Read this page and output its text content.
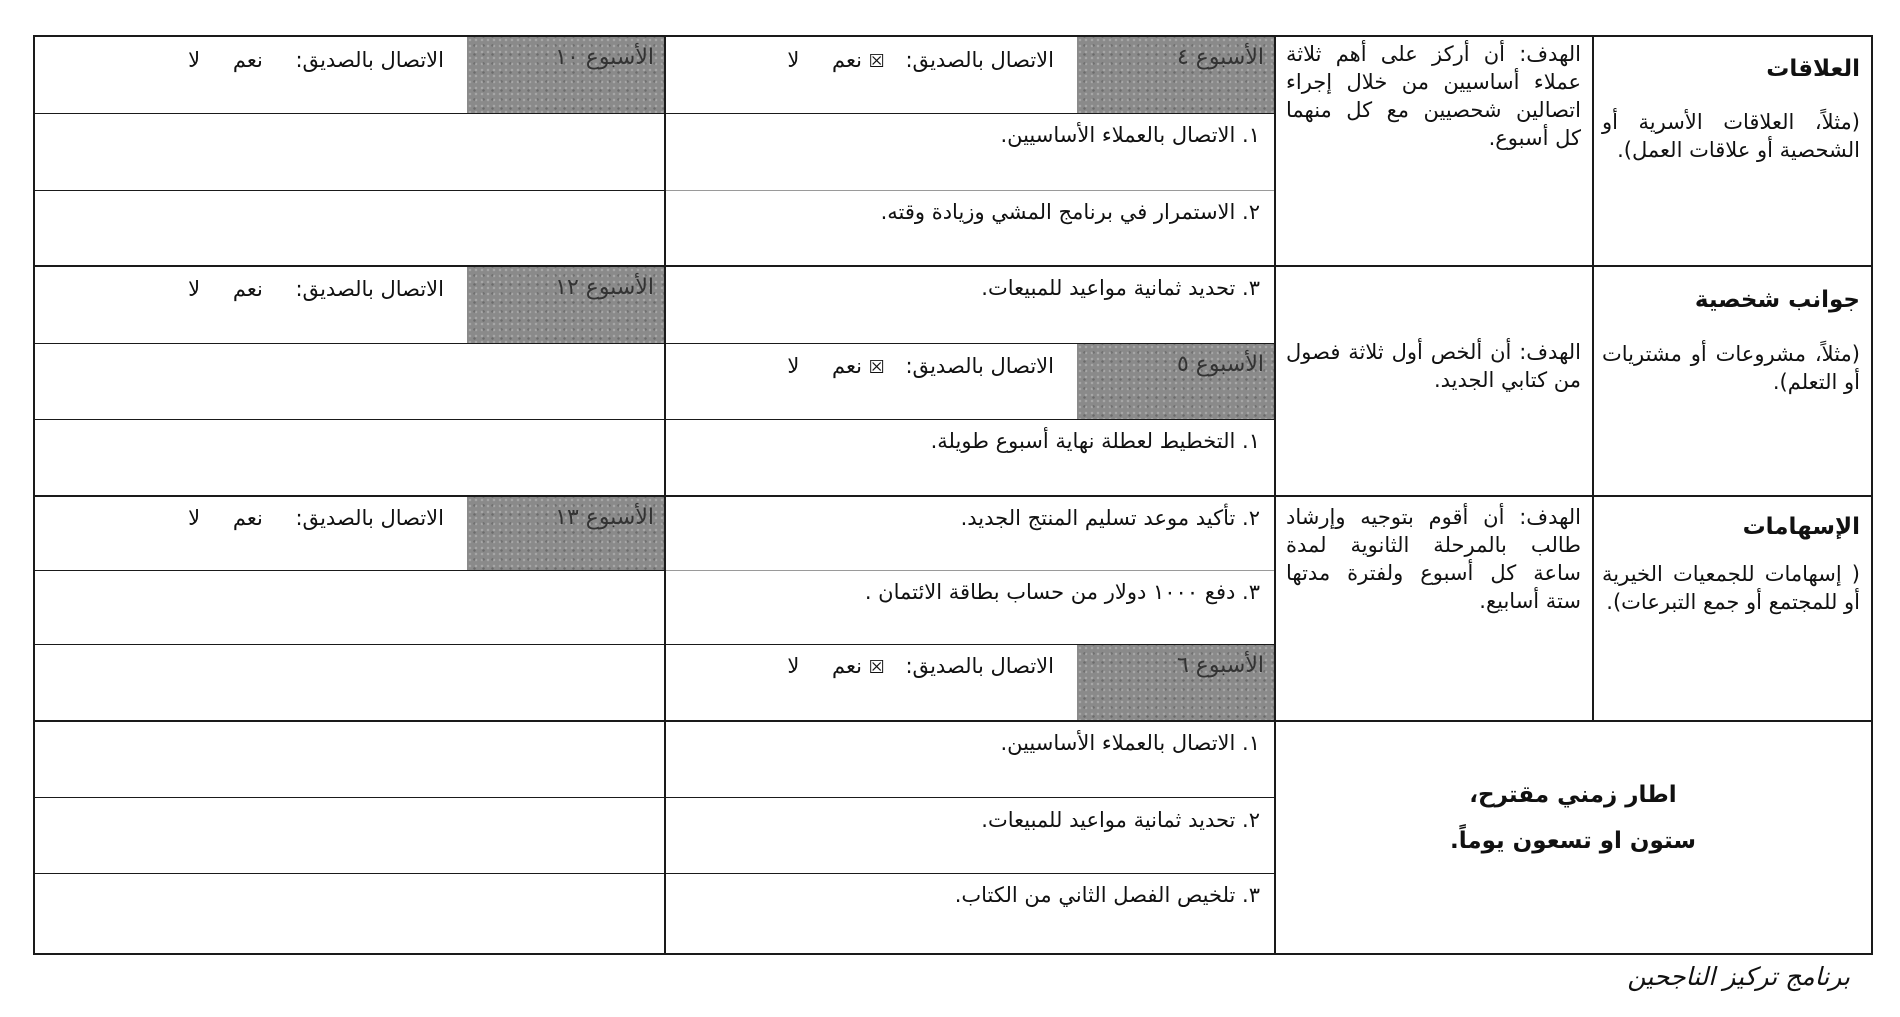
العلاقات
(مثلاً، العلاقات الأسرية أو الشحصية أو علاقات العمل).
جوانب شخصية
(مثلاً، مشروعات أو مشتريات أو التعلم).
الإسهامات
( إسهامات للجمعيات الخيرية أو للمجتمع أو جمع التبرعات).
الهدف: أن أركز على أهم ثلاثة عملاء أساسيين من خلال إجراء اتصالين شحصيين مع كل منهما كل أسبوع.
الهدف: أن ألخص أول ثلاثة فصول من كتابي الجديد.
الهدف: أن أقوم بتوجيه وإرشاد طالب بالمرحلة الثانوية لمدة ساعة كل أسبوع ولفترة مدتها ستة أسابيع.
اطار زمني مقترح،
ستون او تسعون يوماً.
الأسبوع ٤
الاتصال بالصديق: ☒ نعم لا
الأسبوع ٥
الاتصال بالصديق: ☒ نعم لا
الأسبوع ٦
الاتصال بالصديق: ☒ نعم لا
الأسبوع ١٠
الاتصال بالصديق: نعم لا
الأسبوع ١٢
الاتصال بالصديق: نعم لا
الأسبوع ١٣
الاتصال بالصديق: نعم لا
١. الاتصال بالعملاء الأساسيين.
٢. الاستمرار في برنامج المشي وزيادة وقته.
٣. تحديد ثمانية مواعيد للمبيعات.
١. التخطيط لعطلة نهاية أسبوع طويلة.
٢. تأكيد موعد تسليم المنتج الجديد.
٣. دفع ١٠٠٠ دولار من حساب بطاقة الائتمان .
١. الاتصال بالعملاء الأساسيين.
٢. تحديد ثمانية مواعيد للمبيعات.
٣. تلخيص الفصل الثاني من الكتاب.
برنامج تركيز الناجحين
